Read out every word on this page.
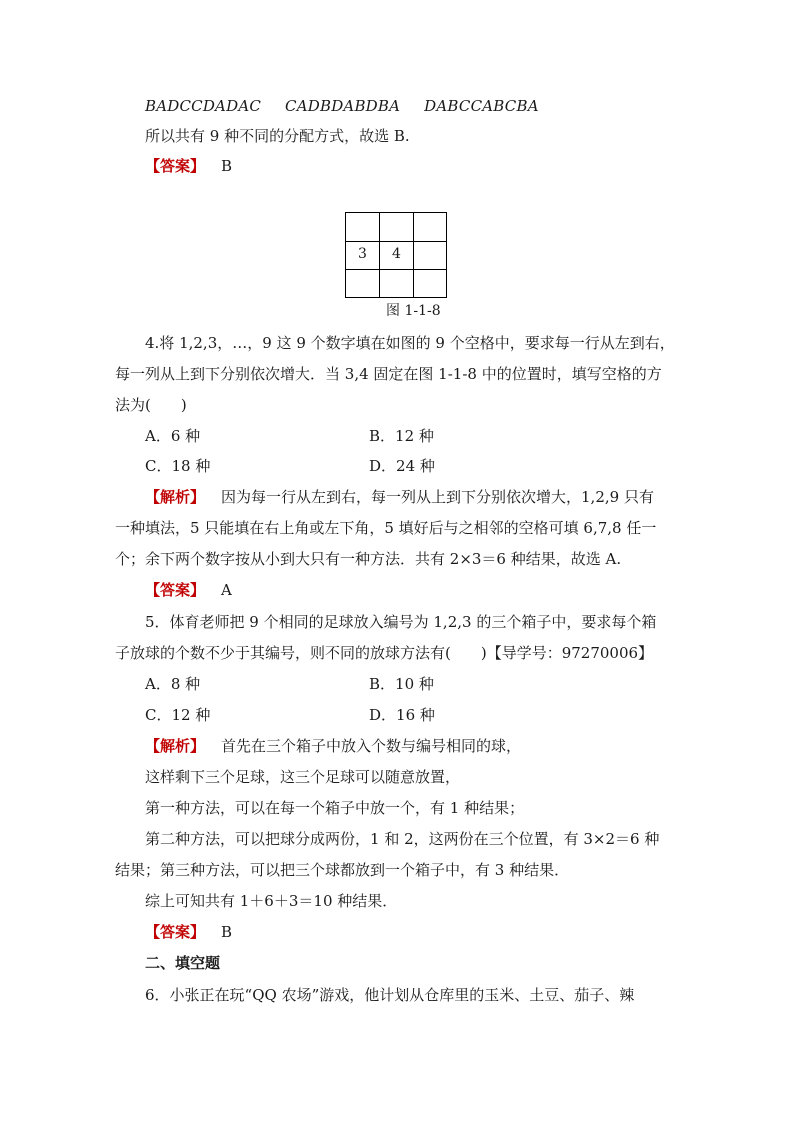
BADCCDADAC CADBDABDBA DABCCABCBA
所以共有 9 种不同的分配方式，故选 B.
【答案】 B
3	4
图 1-1-8
4.将 1,2,3，…，9 这 9 个数字填在如图的 9 个空格中，要求每一行从左到右，
每一列从上到下分别依次增大．当 3,4 固定在图 1-1-8 中的位置时，填写空格的方
法为(　　)
A．6 种	B．12 种
C．18 种	D．24 种
【解析】 因为每一行从左到右，每一列从上到下分别依次增大，1,2,9 只有
一种填法，5 只能填在右上角或左下角，5 填好后与之相邻的空格可填 6,7,8 任一
个；余下两个数字按从小到大只有一种方法．共有 2×3＝6 种结果，故选 A.
【答案】 A
5．体育老师把 9 个相同的足球放入编号为 1,2,3 的三个箱子中，要求每个箱
子放球的个数不少于其编号，则不同的放球方法有(　　)【导学号：97270006】
A．8 种	B．10 种
C．12 种	D．16 种
【解析】 首先在三个箱子中放入个数与编号相同的球，
这样剩下三个足球，这三个足球可以随意放置，
第一种方法，可以在每一个箱子中放一个，有 1 种结果；
第二种方法，可以把球分成两份，1 和 2，这两份在三个位置，有 3×2＝6 种
结果；第三种方法，可以把三个球都放到一个箱子中，有 3 种结果．
综上可知共有 1＋6＋3＝10 种结果．
【答案】 B
二、填空题
6．小张正在玩“QQ 农场”游戏，他计划从仓库里的玉米、土豆、茄子、辣
